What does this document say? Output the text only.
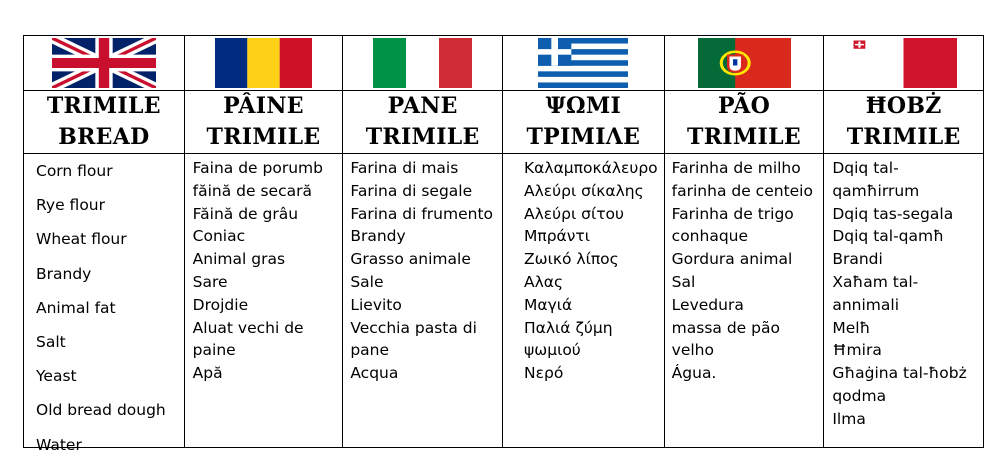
TRIMILE
BREAD
Corn flour
Rye flour
Wheat flour
Brandy
Animal fat
Salt
Yeast
Old bread dough
Water
PÂINE
TRIMILE
Faina de porumb
făină de secară
Făină de grâu
Coniac
Animal gras
Sare
Drojdie
Aluat vechi de
paine
Apă
PANE
TRIMILE
Farina di mais
Farina di segale
Farina di frumento
Brandy
Grasso animale
Sale
Lievito
Vecchia pasta di
pane
Acqua
ΨΩΜΙ
ΤΡΙΜΙΛΕ
Καλαμποκάλευρο
Αλεύρι σίκαλης
Αλεύρι σίτου
Μπράντι
Ζωικό λίπος
Αλας
Μαγιά
Παλιά ζύμη
ψωμιού
Νερό
PÃO
TRIMILE
Farinha de milho
farinha de centeio
Farinha de trigo
conhaque
Gordura animal
Sal
Levedura
massa de pão
velho
Água.
ĦOBŻ
TRIMILE
Dqiq tal-
qamħirrum
Dqiq tas-segala
Dqiq tal-qamħ
Brandi
Xaħam tal-
annimali
Melħ
Ħmira
Għaġina tal-ħobż
qodma
Ilma
